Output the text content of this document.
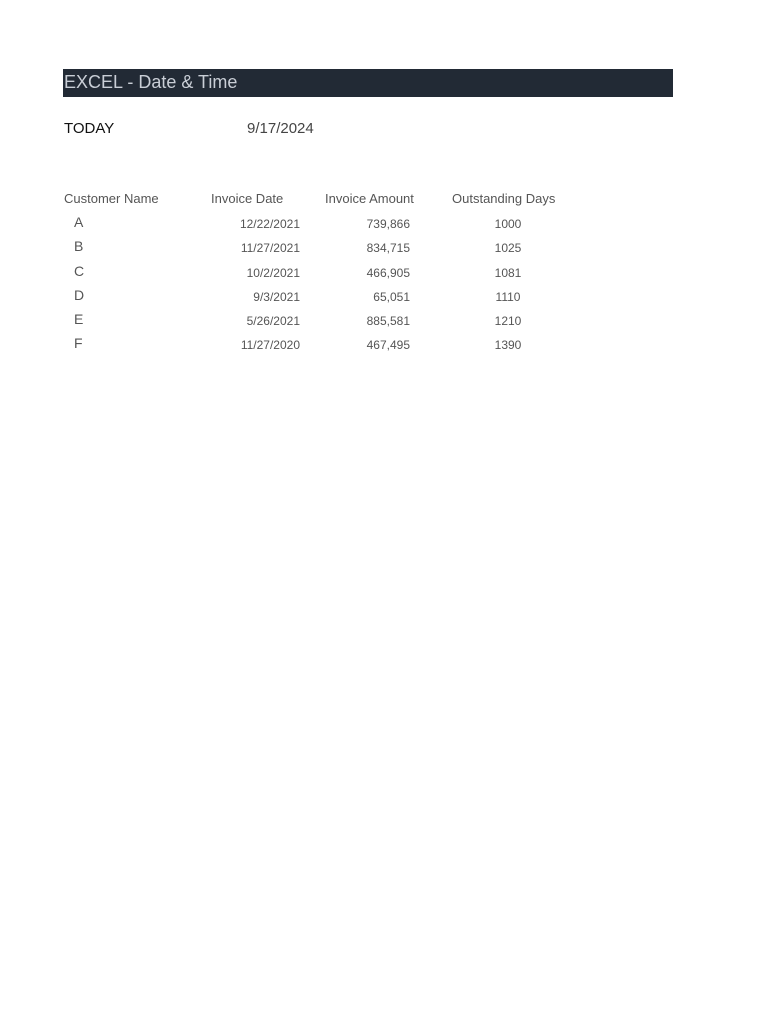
EXCEL - Date & Time
TODAY	9/17/2024
Customer Name	Invoice Date	Invoice Amount	Outstanding Days
A	12/22/2021	739,866	1000
B	11/27/2021	834,715	1025
C	10/2/2021	466,905	1081
D	9/3/2021	65,051	1110
E	5/26/2021	885,581	1210
F	11/27/2020	467,495	1390
